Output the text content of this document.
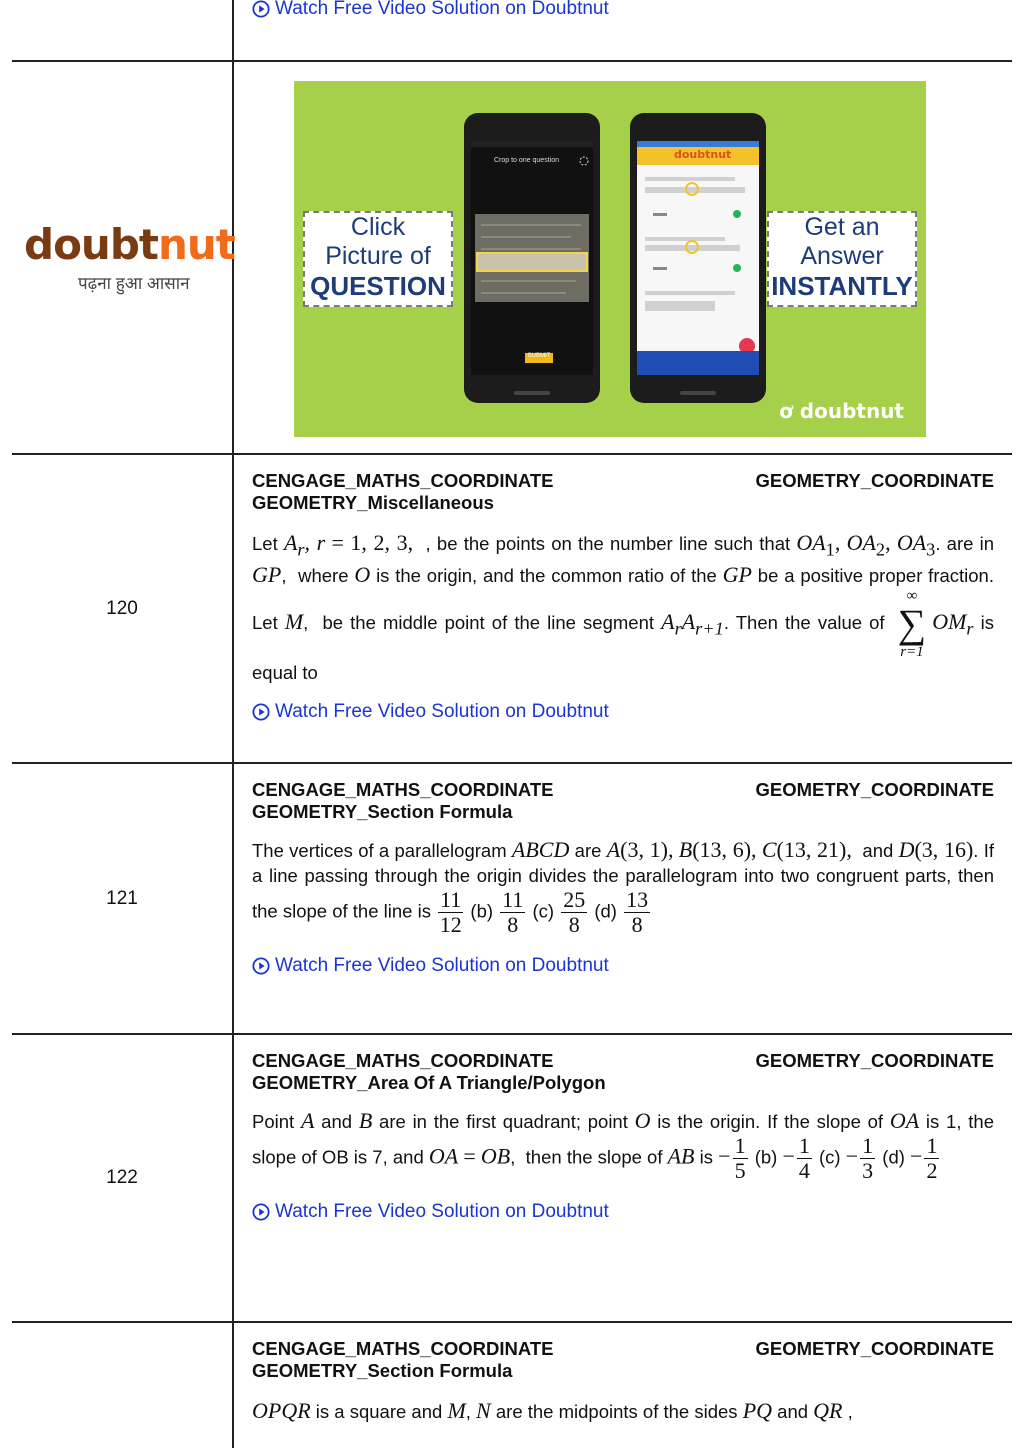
Watch Free Video Solution on Doubtnut
120
CENGAGE_MATHS_COORDINATE	GEOMETRY_COORDINATE
GEOMETRY_Miscellaneous
Let $A_r$, r = 1, 2, 3,  , be the points on the number line such that $OA_1$, $OA_2$, $OA_3$. are in GP,  where O is the origin, and the common ratio of the GP be a positive proper fraction. Let M,  be the middle point of the line segment $A_rA_{r+1}$. Then the value of
∞
∑
r=1
$OM_r$ is equal to
Watch Free Video Solution on Doubtnut
121
CENGAGE_MATHS_COORDINATE	GEOMETRY_COORDINATE
GEOMETRY_Section Formula
The vertices of a parallelogram ABCD are A(3, 1), B(13, 6), C(13, 21),  and D(3, 16). If a line passing through the origin divides the parallelogram into two congruent parts, then the slope of the line is $\frac{11}{12} (b) \frac{11}{8} (c) \frac{25}{8} (d) \frac{13}{8}$
Watch Free Video Solution on Doubtnut
122
CENGAGE_MATHS_COORDINATE	GEOMETRY_COORDINATE
GEOMETRY_Area Of A Triangle/Polygon
Point A and B are in the first quadrant; point O is the origin. If the slope of OA is 1, the slope of OB is 7, and OA = OB,  then the slope of AB is − $\frac{1}{5} (b) - \frac{1}{4} (c) - \frac{1}{3} (d) - \frac{1}{2}$
Watch Free Video Solution on Doubtnut
CENGAGE_MATHS_COORDINATE	GEOMETRY_COORDINATE
GEOMETRY_Section Formula
OPQR is a square and M, N are the midpoints of the sides PQ and QR ,
doubt nut
पढ़ना हुआ आसान
Click
Picture of
QUESTION
Crop to one question
SUBMIT
doubtnut
Get an
Answer
INSTANTLY
ơ doubtnut
